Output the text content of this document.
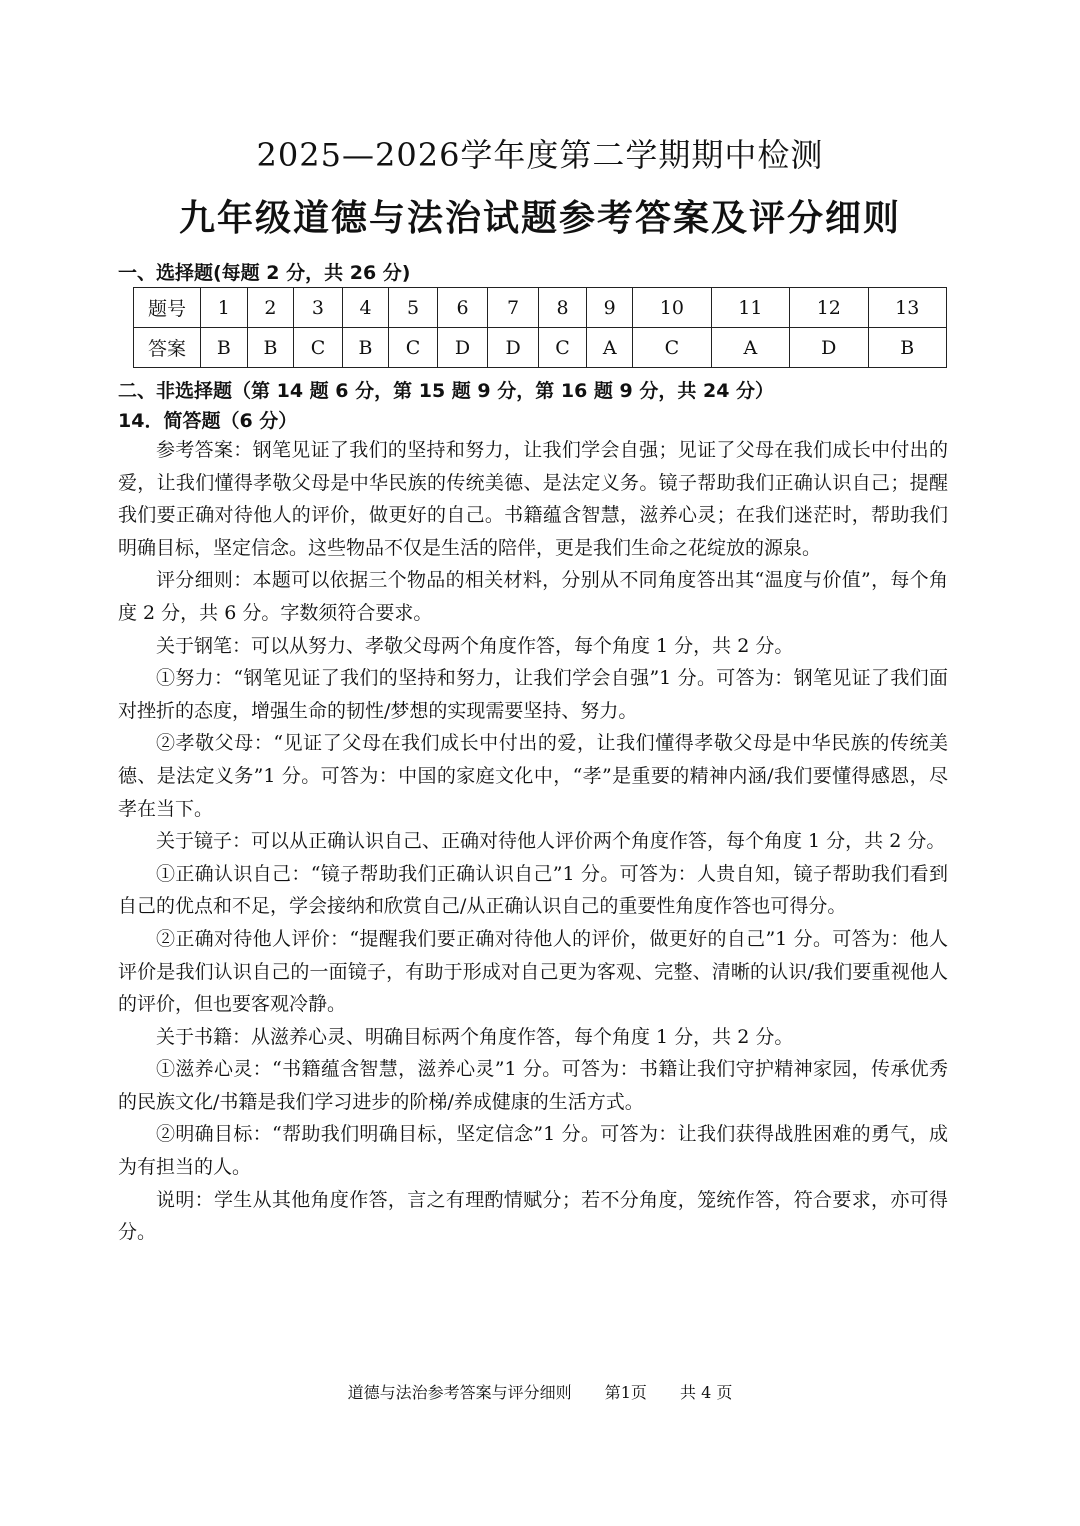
2025—2026学年度第二学期期中检测
九年级道德与法治试题参考答案及评分细则
一、选择题(每题 2 分，共 26 分)
题号	1	2	3	4	5	6	7	8	9	10	11	12	13
答案	B	B	C	B	C	D	D	C	A	C	A	D	B
二、非选择题（第 14 题 6 分，第 15 题 9 分，第 16 题 9 分，共 24 分）
14．简答题（6 分）

参考答案：钢笔见证了我们的坚持和努力，让我们学会自强；见证了父母在我们成长中付出的爱，让我们懂得孝敬父母是中华民族的传统美德、是法定义务。镜子帮助我们正确认识自己；提醒我们要正确对待他人的评价，做更好的自己。书籍蕴含智慧，滋养心灵；在我们迷茫时，帮助我们明确目标，坚定信念。这些物品不仅是生活的陪伴，更是我们生命之花绽放的源泉。

评分细则：本题可以依据三个物品的相关材料，分别从不同角度答出其“温度与价值”，每个角度 2 分，共 6 分。字数须符合要求。

关于钢笔：可以从努力、孝敬父母两个角度作答，每个角度 1 分，共 2 分。

①努力：“钢笔见证了我们的坚持和努力，让我们学会自强”1 分。可答为：钢笔见证了我们面对挫折的态度，增强生命的韧性/梦想的实现需要坚持、努力。

②孝敬父母：“见证了父母在我们成长中付出的爱，让我们懂得孝敬父母是中华民族的传统美德、是法定义务”1 分。可答为：中国的家庭文化中，“孝”是重要的精神内涵/我们要懂得感恩，尽孝在当下。

关于镜子：可以从正确认识自己、正确对待他人评价两个角度作答，每个角度 1 分，共 2 分。

①正确认识自己：“镜子帮助我们正确认识自己”1 分。可答为：人贵自知，镜子帮助我们看到自己的优点和不足，学会接纳和欣赏自己/从正确认识自己的重要性角度作答也可得分。

②正确对待他人评价：“提醒我们要正确对待他人的评价，做更好的自己”1 分。可答为：他人评价是我们认识自己的一面镜子，有助于形成对自己更为客观、完整、清晰的认识/我们要重视他人的评价，但也要客观冷静。

关于书籍：从滋养心灵、明确目标两个角度作答，每个角度 1 分，共 2 分。

①滋养心灵：“书籍蕴含智慧，滋养心灵”1 分。可答为：书籍让我们守护精神家园，传承优秀的民族文化/书籍是我们学习进步的阶梯/养成健康的生活方式。

②明确目标：“帮助我们明确目标，坚定信念”1 分。可答为：让我们获得战胜困难的勇气，成为有担当的人。

说明：学生从其他角度作答，言之有理酌情赋分；若不分角度，笼统作答，符合要求，亦可得分。

道德与法治参考答案与评分细则 第1页 共 4 页
